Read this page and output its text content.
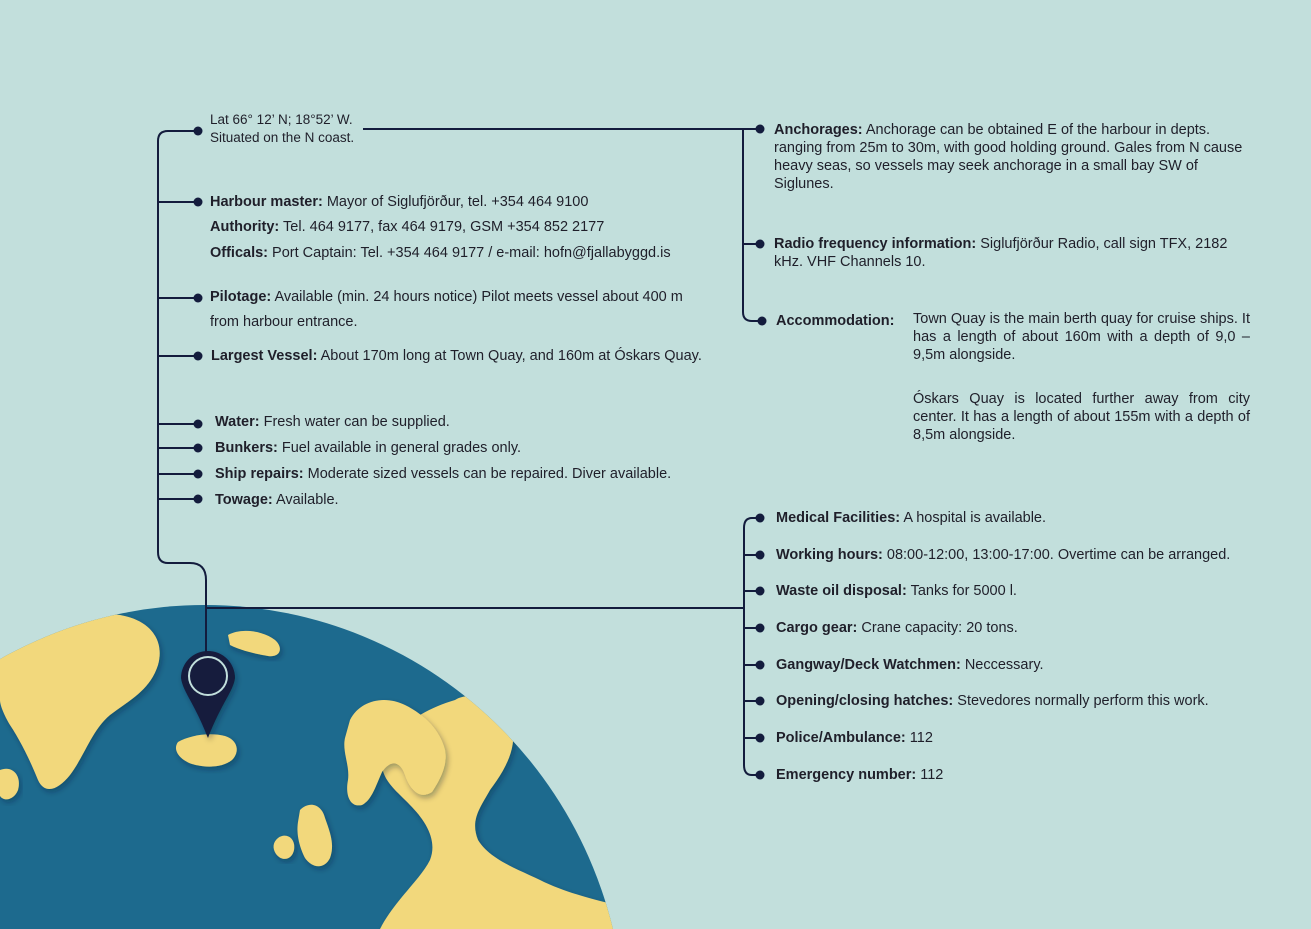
Lat 66° 12’ N; 18°52’ W.
Situated on the N coast.
Harbour master: Mayor of Siglufjörður, tel. +354 464 9100
Authority: Tel. 464 9177, fax 464 9179, GSM +354 852 2177
Officals: Port Captain: Tel. +354 464 9177 / e-mail: hofn@fjallabyggd.is
Pilotage: Available (min. 24 hours notice) Pilot meets vessel about 400 m
from harbour entrance.
Largest Vessel: About 170m long at Town Quay, and 160m at Óskars Quay.
Water: Fresh water can be supplied.
Bunkers: Fuel available in general grades only.
Ship repairs: Moderate sized vessels can be repaired. Diver available.
Towage: Available.
Anchorages: Anchorage can be obtained E of the harbour in depts. ranging from 25m to 30m, with good holding ground. Gales from N cause heavy seas, so vessels may seek anchorage in a small bay SW of Siglunes.
Radio frequency information: Siglufjörður Radio, call sign TFX, 2182 kHz. VHF Channels 10.
Accommodation: Town Quay is the main berth quay for cruise ships. It has a length of about 160m with a depth of 9,0 – 9,5m alongside.
Óskars Quay is located further away from city center. It has a length of about 155m with a depth of 8,5m alongside.
Medical Facilities: A hospital is available.
Working hours: 08:00-12:00, 13:00-17:00. Overtime can be arranged.
Waste oil disposal: Tanks for 5000 l.
Cargo gear: Crane capacity: 20 tons.
Gangway/Deck Watchmen: Neccessary.
Opening/closing hatches: Stevedores normally perform this work.
Police/Ambulance: 112
Emergency number: 112
